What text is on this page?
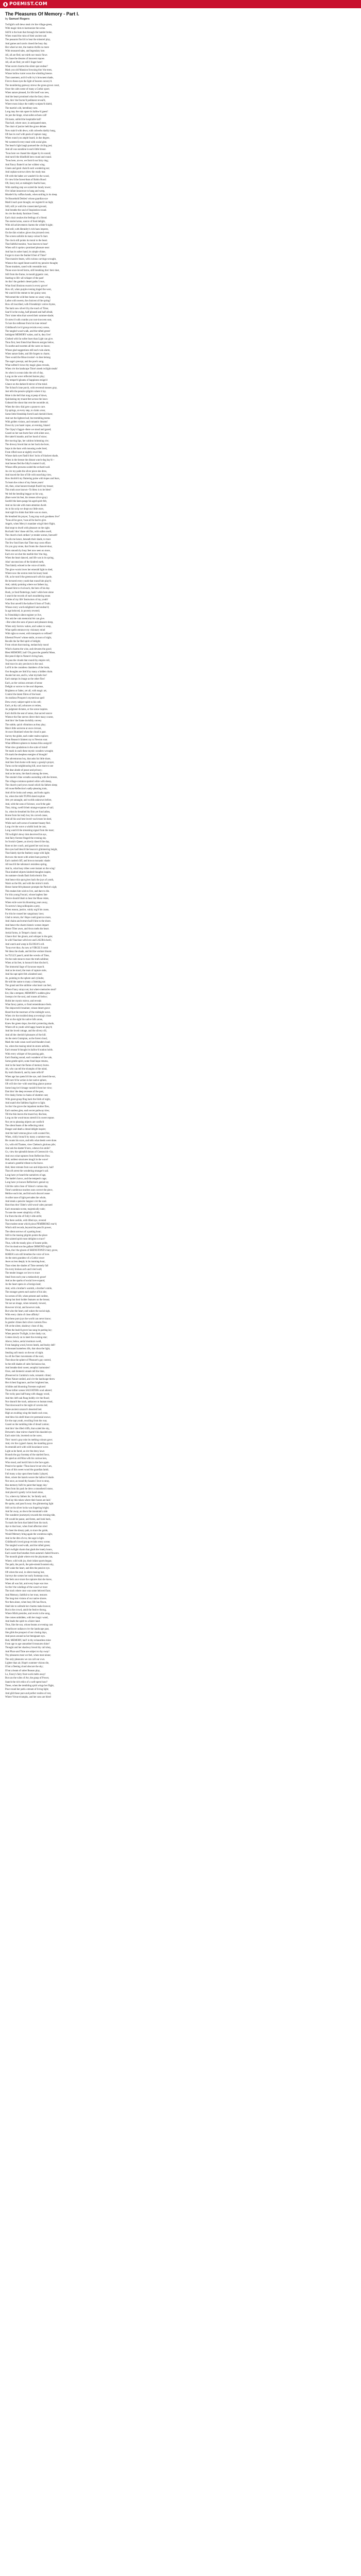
POEMIST.COM
The Pleasures Of Memory - Part I.
by Samuel Rogers
Twilight's soft dews steal o'er the village-green,
With magic tints to harmonize the scene.
Still'd is the hum that through the hamlet broke,
When round the ruins of their ancient oak
The peasants flock'd to hear the minstrel play,
And games and carols closed the busy day.
Her wheel at rest, the matron thrills no more
With treasured tales, and legendary lore.
All, all are fled; nor mirth nor music flows
To chase the dreams of innocent repose.
All, all are fled; yet still I linger here!
What secret charms this silent spot endear?
Mark yon old Mansion frowning thro' the trees,
Whose hollow turret woos the whistling breeze.
That casement, arch'd with ivy's brownest shade,
First to these eyes the light of heaven convey'd.
The mouldering gateway strews the grass-grown court,
Once the calm scene of many a Gothic sport;
When nature pleased, for life itself was new,
And the heart promised what the fancy drew.
See, thro' the fractur'd pediment reveal'd,
Where moss inlays the rudely-sculptur'd shield,
The martin's old, hereditary nest.
Long may the ruin spare its hallow'd guest!
As jars the hinge, what sullen echoes call!
Oh haste, unfold the hospitable hall!
That hall, where once, in antiquated state,
The chair of justice held the grave debate.
Now stain'd with dews, with cobwebs darkly hung,
Oft has its roof with peals of rapture rung;
When round yon ample board, in due degree,
We sweeten'd every meal with social glee.
The heart's light laugh pursued the circling jest;
And all was sunshine in each little breast.
'Twas here we chased the slipper by its sound;
And turn'd the blindfold hero round and round.
'Twas here, at eve, we form'd our fairy ring;
And Fancy flutter'd on her wildest wing.
Giants and genii chain'd each wondering ear;
And orphan-sorrows drew the ready tear.
Oft with the babes we wander'd in the wood,
Or view'd the forest-feats of Robin Hood:
Oft, fancy-led, at midnight's fearful hour,
With startling step we scaled the lonely tower;
O'er infant innocence to hang and weep,
Murder'd by ruffian hands, when smiling in its sleep.
Ye Household Deities! whose guardian eye
Mark'd each pure thought, ere register'd on high;
Still, still ye walk the consecrated ground,
And breathe the soul of Inspiration round.
As o'er the dusky furniture I bend,
Each chair awakes the feelings of a friend.
The storied arras, source of fond delight,
With old achievement charms the wilder'd sight;
And still, with Heraldry's rich hues imprest,
On the dim window glows the pictured crest.
The screen unfolds its many-colour'd chart.
The clock still points its moral to the heart.
That faithful monitor, 'twas heaven to hear!
When soft it spoke a promised pleasure near:
And has its sober hand, its simple chime,
Forgot to trace the feather'd feet of Time?
That massive beam, with curious carvings wrought,
Whence the caged linnet sooth'd my pensive thought;
Those muskets, cased with venerable rust;
Those once-loved forms, still breathing thro' their dust,
Still from the frame, in mould gigantic cast,
Starting to life--all whisper of the past!
As thro' the garden's desert paths I rove,
What fond illusions swarm in every grove!
How oft, when purple evening tinged the west,
We watch'd the emmet to her grainy nest;
Welcomed the wild-bee home on weary wing,
Laden with sweets, the choicest of the spring!
How oft inscribed, with Friendship's votive rhyme,
The bark now silver'd by the touch of Time;
Soar'd in the swing, half pleased and half afraid,
Thro' sister elms that waved their summer-shade;
Or strew'd with crumbs yon root-inwoven seat,
To lure the redbreast from his lone retreat!
Childhood's lov'd group revisits every scene,
The tangled wood-walk, and the tufted green!
Indulgent MEMORY wakes, and lo, they live!
Clothed with far softer hues than Light can give.
Thou first, best friend that Heaven assigns below,
To soothe and sweeten all the cares we know;
Whose glad suggestions still each vain alarm,
When nature fades, and life forgets to charm;
Thee would the Muse invoke!--to thee belong
The sage's precept, and the poet's song.
What soften'd views thy magic glass reveals,
When o'er the landscape Time's meek twilight steals!
As when in ocean sinks the orb of day,
Long on the wave reflected lustres play;
Thy temper'd gleams of happiness resign'd
Glance on the darken'd mirror of the mind.
The School's lone porch, with reverend mosses gray,
Just tells the pensive pilgrim where it lay.
Mute is the bell that rung at peep of dawn,
Quickening my truant-feet across the lawn:
Unheard the shout that rent the noontide air,
When the slow dial gave a pause to care.
Up springs, at every step, to claim a tear,
Some little friendship form'd and cherish'd here;
And not the lightest leaf, but trembling teems
With golden visions, and romantic dreams!
Down by yon hazel copse, at evening, blazed
The Gipsy's faggot--there we stood and gazed;
Gazed on her sun-burnt face with silent awe,
Her tatter'd mantle, and her hood of straw;
Her moving lips, her caldron brimming o'er;
The drowsy brood that on her back she bore,
Imps in the barn with mousing owlet bred,
From rifled roost at nightly revel fed;
Whose dark eyes flash'd thro' locks of blackest shade,
When in the breeze the distant watch-dog bay'd:--
And heroes fled the Sibyl's mutter'd call,
Whose elfin prowess scaled the orchard-wall.
As o'er my palm the silver piece she drew,
And traced the line of life with searching view,
How throbb'd my fluttering pulse with hopes and fears,
To learn the colour of my future years!
Ah, then, what honest triumph flush'd my breast;
This truth once known--To bless is to be blest!
We led the bending beggar on his way,
(Bare were his feet, his tresses silver-gray)
Sooth'd the keen pangs his aged spirit felt,
And on his tale with mute attention dwelt.
As in his scrip we dropt our little store,
And sigh'd to think that little was no more,
He breathed his prayer, 'Long may such goodness live!'
'Twas all he gave, 'twas all he had to give.
Angels, when Mercy's mandate wing'd their flight,
Had stopt to dwell with pleasure on the sight.
But hark! thro' those old firs, with sullen swell,
The church-clock strikes! ye tender scenes, farewell!
It calls me hence, beneath their shade, to trace
The few fond lines that Time may soon efface.
On yon gray stone, that fronts the chancel-door,
Worn smooth by busy feet now seen no more,
Each eve we shot the marble thro' the ring,
When the heart danced, and life was in its spring,
Alas! unconscious of the kindred earth,
That faintly echoed to the voice of mirth.
The glow-worm loves her emerald light to shed,
Where now the sexton rests his hoary head.
Oft, as he turn'd the greensward with his spade,
He lectured every youth that round him play'd;
And, calmly pointing where our fathers lay,
Roused him to rival each, the hero of his day.
Hush, ye fond flutterings, hush! while here alone
I search the records of each mouldering stone.
Guides of my life! Instructors of my youth!
Who first unveil'd the hallow'd form of Truth;
Whose every word enlighten'd and endear'd;
In age beloved, in poverty revered;
In Friendship's silent register ye live,
Nor ask the vain memorial Art can give.
--But when the sons of peace and pleasure sleep,
When only Sorrow wakes, and wakes to weep,
What spells entrance my visionary mind
With sighs so sweet, with transports so refined?
Ethereal Power! whose smile, at noon of night,
Recalls the far-fled spirit of delight;
From whom that musing, melancholy mood
Which charms the wise, and elevates the good;
Blest MEMORY, hail! Oh grant the grateful Muse,
Her pencil dipt in Nature's living hues,
To pass the clouds that round thy empire roll,
And trace its airy precincts in the soul.
Lull'd in the countless chambers of the brain,
Our thoughts are link'd by many a hidden chain.
Awake but one, and lo, what myriads rise!
Each stamps its image as the other flies!
Each, as the various avenues of sense
Delight or sorrow to the soul dispense,
Brightens or fades; yet all, with magic art,
Control the latent fibres of the heart.
As studious Prospero's mysterious spell
Drew every subject-spirit to his cell;
Each, at thy call, advances or retires,
As judgment dictates, or the scene inspires.
Each thrills the seat of sense, that sacred source
Whence the fine nerves direct their mazy course,
And thro' the frame invisibly convey
The subtle, quick vibrations as they play;
Man's little universe at once o'ercast,
At once illumined when the cloud is past.
Survey the globe, each ruder realm explore;
From Reason's faintest ray to Newton soar.
What different spheres to human bliss assign'd!
What slow gradations in the scale of mind!
Yet mark in each these mystic wonders wrought;
Oh mark the sleepless energies of thought!
The adventurous boy, that asks his little share,
And hies from home with many a gossip's prayer,
Turns on the neighbouring hill, once more to see
The dear abode of peace and privacy;
And as he turns, the thatch among the trees,
The smoke's blue wreaths ascending with the breeze,
The village-common spotted white with sheep,
The church-yard yews round which his fathers sleep;
All rouse Reflection's sadly-pleasing train,
And oft he looks and weeps, and looks again.
So, when the mild TUPIA dared explore
Arts yet untaught, and worlds unknown before,
And, with the sons of Science, woo'd the gale
That, rising, swell'd their strange expanse of sail;
So, when he breathed his firm yet fond adieu,
Borne from his leafy hut, his carved canoe,
And all his soul best loved--such tears he shed,
While each soft scene of summer-beauty fled.
Long o'er the wave a wistful look he cast,
Long watch'd the streaming signal from the mast;
Till twilight's dewy tints deceived his eye,
And fairy-forests fringed the evening sky.
So Scotia's Queen, as slowly dawn'd the day,
Rose on her couch, and gazed her soul away.
Her eyes had bless'd the beacon's glimmering height,
That faintly tipt the feathery surge with light;
But now the morn with orient hues portray'd
Each castled cliff, and brown monastic shade:
All touch'd the talisman's resistless spring,
And lo, what busy tribes were instant on the wing!
Thus kindred objects kindred thoughts inspire,
As summer-clouds flash forth electric fire.
And hence this spot gives back the joys of youth,
Warm as the life, and with the mirror's truth.
Hence home-felt pleasure prompts the Patriot's sigh;
This makes him wish to live, and dare to die.
For this young Foscari, whose hapless fate
Venice should blush to hear the Muse relate,
When exile wore his blooming years away,
To sorrow's long soliloquies a prey,
When reason, justice, vainly urg'd his cause,
For this he roused her sanguinary laws;
Glad to return, tho' Hope could grant no more,
And chains and torture hail'd him to the shore.
And hence the charm historic scenes impart:
Hence Tiber awes, and Avon melts the heart.
Aerial forms, in Tempe's classic vale,
Glance thro' the gloom, and whisper in the gale;
In wild Vaucluse with love and LAURA dwell,
And watch and weep in ELOISA'S cell.
'Twas ever thus. As now at VIRGIL'S tomb
We bless the shade, and bid the verdure bloom:
So TULLY paus'd, amid the wrecks of Time,
On the rude stone to trace the truth sublime;
When at his feet, in honour'd dust disclos'd,
The immortal Sage of Syracuse repos'd.
And as he stood, the tears of rapture stole,
And his rapt spirit felt a kindred soul;
As, pointing to the sphere and cylinder,
He told the name to many a listening ear.
The grand and the sublime what heart can feel,
Where Fancy strays not, but where memories steal?
Ere, like a tempest, MEMORY's sudden glow
Sweeps o'er the soul, and rouses all below;
Holds her mystic mirror, and reveals
What fancy paints, or fond remembrance feels.
The shipwreck'd mariner, whose desert grave
Heard but the murmurs of the midnight wave,
When o'er the troubled deep at evening's close
Fair on the sight his native hills arose,
Knew the green slope, the elm's protecting shade,
Where oft in youth with happy hearts he play'd;
And the loved cottage, and the silvery rill,
And all the cherish'd pleasures of the hill.
As the stern Grampian, as the forest cloud,
Mark the rude ocean swell and thunders loud;
So, when the musing mind its stores unfolds,
Each treasur'd thought its hallow'd station holds.
With every whisper of the passing gale,
Each floating sound, each wanderer of the vale,
Some gentle spirit, some fond hope returns,
And in the heart the flame of memory burns.
Ah, who can tell the triumphs of the mind,
By truth illumin'd, and by taste refin'd?
When age has quench'd the eye, and closed the ear,
Still nerv'd for action in her native sphere,
Oft will she rise--with searching glance pursue
Some long-lov'd image vanish'd from her view;
Dart thro' the deep recesses of the past,
O'er dusky forms in chains of slumber cast;
With giant-grasp fling back the folds of night,
And snatch the faithless fugitive to light.
So thro' the grove the impatient mother flies,
Each sunless glen, each secret pathway tries;
Till the thin leaves the truant boy disclose,
Long on the wood-moss stretch'd in sweet repose.
Nor yet to pleasing objects are confin'd
The silent feasts of the reflecting mind.
Danger and death a dread delight inspire;
And the bald veteran glows with wonted fire,
When, richly bronz'd by many a summer-sun,
He counts his scars, and tells what deeds were done.
Go, with old Thames, view Chelsea's glorious pile;
And ask the shatter'd hero, whence his smile?
Go, view the splendid domes of Greenwich--Go,
And own what raptures from Reflection flow.
Hail, noblest structures imag'd in the wave!
A nation's grateful tribute to the brave.
Hail, blest retreats from war and shipwreck, hail!
That oft arrest the wondering stranger's sail.
Long have ye heard the narratives of age,
The battle's havoc, and the tempest's rage;
Long have ye known Reflection's genial ray
Gild the calm close of Valour's various day.
Time's sombrous touches soon correct the piece,
Mellow each tint, and bid each discord cease:
A softer tone of light pervades the whole,
And steals a pensive languor o'er the soul.
Hast thou thro' Eden's wild-wood vales pursued
Each mountain-scene, majestically rude;
To note the sweet simplicity of life,
Far from the din of Folly's idle strife;
Nor there awhile, with lifted eye, revered
That modest stone which pious PEMBROKE rear'd;
Which still records, beyond the pencil's power,
The silent sorrows of a parting hour;
Still to the musing pilgrim points the place
Her sainted spirit most delights to trace?
Thus, with the manly glow of honest pride,
O'er his dead son the gallant ORMOND sigh'd.
Thus, thro' the gloom of SHENSTONE'S fairy grove,
MARIA's urn still breathes the voice of love.
As the stern grandeur of a Gothic tower
Awes us less deeply in its morning-hour,
Than when the shades of Time serenely fall
On every broken arch and ivied wall;
The tender images we love to trace
Steal from each year a melancholy grace!
And as the sparks of social love expand,
As the heart opens in a foreign land;
And, with a brother's warmth, a brother's smile,
The stranger greets each native of his isle;
So scenes of life, when present and confest,
Stamp but their bolder features on the breast;
Yet not an image, when remotely viewed,
However trivial, and however rude,
But wins the heart, and wakes the social sigh,
With every claim of close affinity!
But these pure joys the world can never know;
In gentler climes their silver currents flow.
Oft at the silent, shadowy close of day,
When the hush'd grove has sung its parting lay;
When pensive Twilight, in her dusky car,
Comes slowly on to meet the evening-star;
Above, below, aerial murmurs swell,
From hanging wood, brown heath, and bushy dell!
A thousand nameless rills, that shun the light,
Stealing soft music on the ear of night.
So oft the finer movements of the soul,
That shun the sphere of Pleasure's gay control,
In the still shades of calm Seclusion rise,
And breathe their sweet, seraphic harmonies!
Once, and domestic annals tell the time,
(Preserved in Cumbria's rude, romantic clime)
When Nature smiled, and o'er the landscape threw
Her richest fragrance, and her brightest hue,
A blithe and blooming Forester explored
Those loftier scenes SALVATOR's soul adored;
The rocky pass half-hung with shaggy wood,
And the cleft oak flung boldly o'er the flood;
Nor shunn'd the track, unknown to human tread,
That downward to the night of caverns led;
Some ancient cataract's deserted bed.
High on exulting wing the heath-cock rose,
And blew his shrill blast o'er perennial snows;
Ere the rapt youth, recoiling from the roar,
Gazed on the tumbling tide of dread Lodore;
And thro' the rifted cliffs, that scaled the sky,
Derwent's clear mirror charm'd his dazzled eye.
Each osier isle, inverted on the wave,
Thro' morn's gray mist its melting colours gave;
And, o'er the cygnet's haunt, the mantling grove
Its emerald arch with wild luxuriance wove.
Light as he fared, as o'er the dewy lawn
Bounds the gay footstep of the startled fawn,
He spied an old Man with his curious ken,
Who stood, and look'd him in the face again.
Pensive he spoke--'Thou know'st not who I am,
I was of this sweet wood the guardian lamb;
Full many a day upon these banks I played,
Here, where the hazels weave the hallow'd shade.
Nor once, as round thy haunts I love to stray,
Has memory fail'd to paint that happy day.'
Then from his pack he drew a smoothen'd stone,
And placed it gently in his hand alone,
'Go, where my fathers lie,' he faintly said,
'And lay this token where their bones are laid.'
He spoke, and pass'd away: the glimmering light
Still on his silver locks was lingering bright;
And far away, as down the mountain's side
The wanderer journeyed, towards the evening tide,
Oft would he pause, and listen, and look back,
To mark the form that faded from his track.
Aye to that hour, when fond affection tried
To cheer the dreary path, to trace the guide,
Would Memory bring again the wondrous sight,
And in the dim of eve, the sage in light.
Childhood's loved group revisits every scene;
The tangled wood-walk, and the tufted green;
Each twilight charm that glads the lonely hours,
Each sweet that breathes from autumn's faded flowers.
The moonlit glade where erst the playmates ran,
Where, wild with joy, their infant sports began;
The path, the porch, the pale-streak'd eastern sky,
Still wake the heart, and dim the pensive eye.
Oft when the soul, in silent musing lost,
Surveys the scenes her early footsteps crost,
She feels once more the raptures that she knew,
When all was fair, and every hope was true.
So thro' the windings of the wood we trace
The track where once was some beloved face;
And Memory, faithful to her trust, restores
The long-lost visions of our native shores.
Nor then alone, when busy life has flown,
Shall she to solitude her charms make known;
But in the crowd, amid the festive throng,
Where Mirth presides, and revels in the song,
She comes unbidden, with her magic wand,
And leads the spirit to a fairer land.
Thus, like the sun, whose beams at evening cast
A mellower radiance o'er the landscape past,
She gilds the prospect of our closing days,
And pours around us her benignant rays.
Hail, MEMORY, hail! in thy exhaustless mine
From age to age unnumber'd treasures shine!
Thought and her shadowy brood thy call obey,
And Place and Time are subject to thy sway!
Thy pleasures most we feel, when most alone;
The only pleasures we can call our own.
Lighter than air, Hope's summer-visions die,
If but a fleeting cloud obscure the sky;
If but a beam of sober Reason play,
Lo, Fancy's fairy frost-work melts away!
But can the wiles of Art, the grasp of Power,
Snatch the rich relics of a well-spent hour?
These, when the trembling spirit wings her flight,
Pour round her path a stream of living light;
And gild those pure and perfect realms of rest,
Where Virtue triumphs, and her sons are blest!
